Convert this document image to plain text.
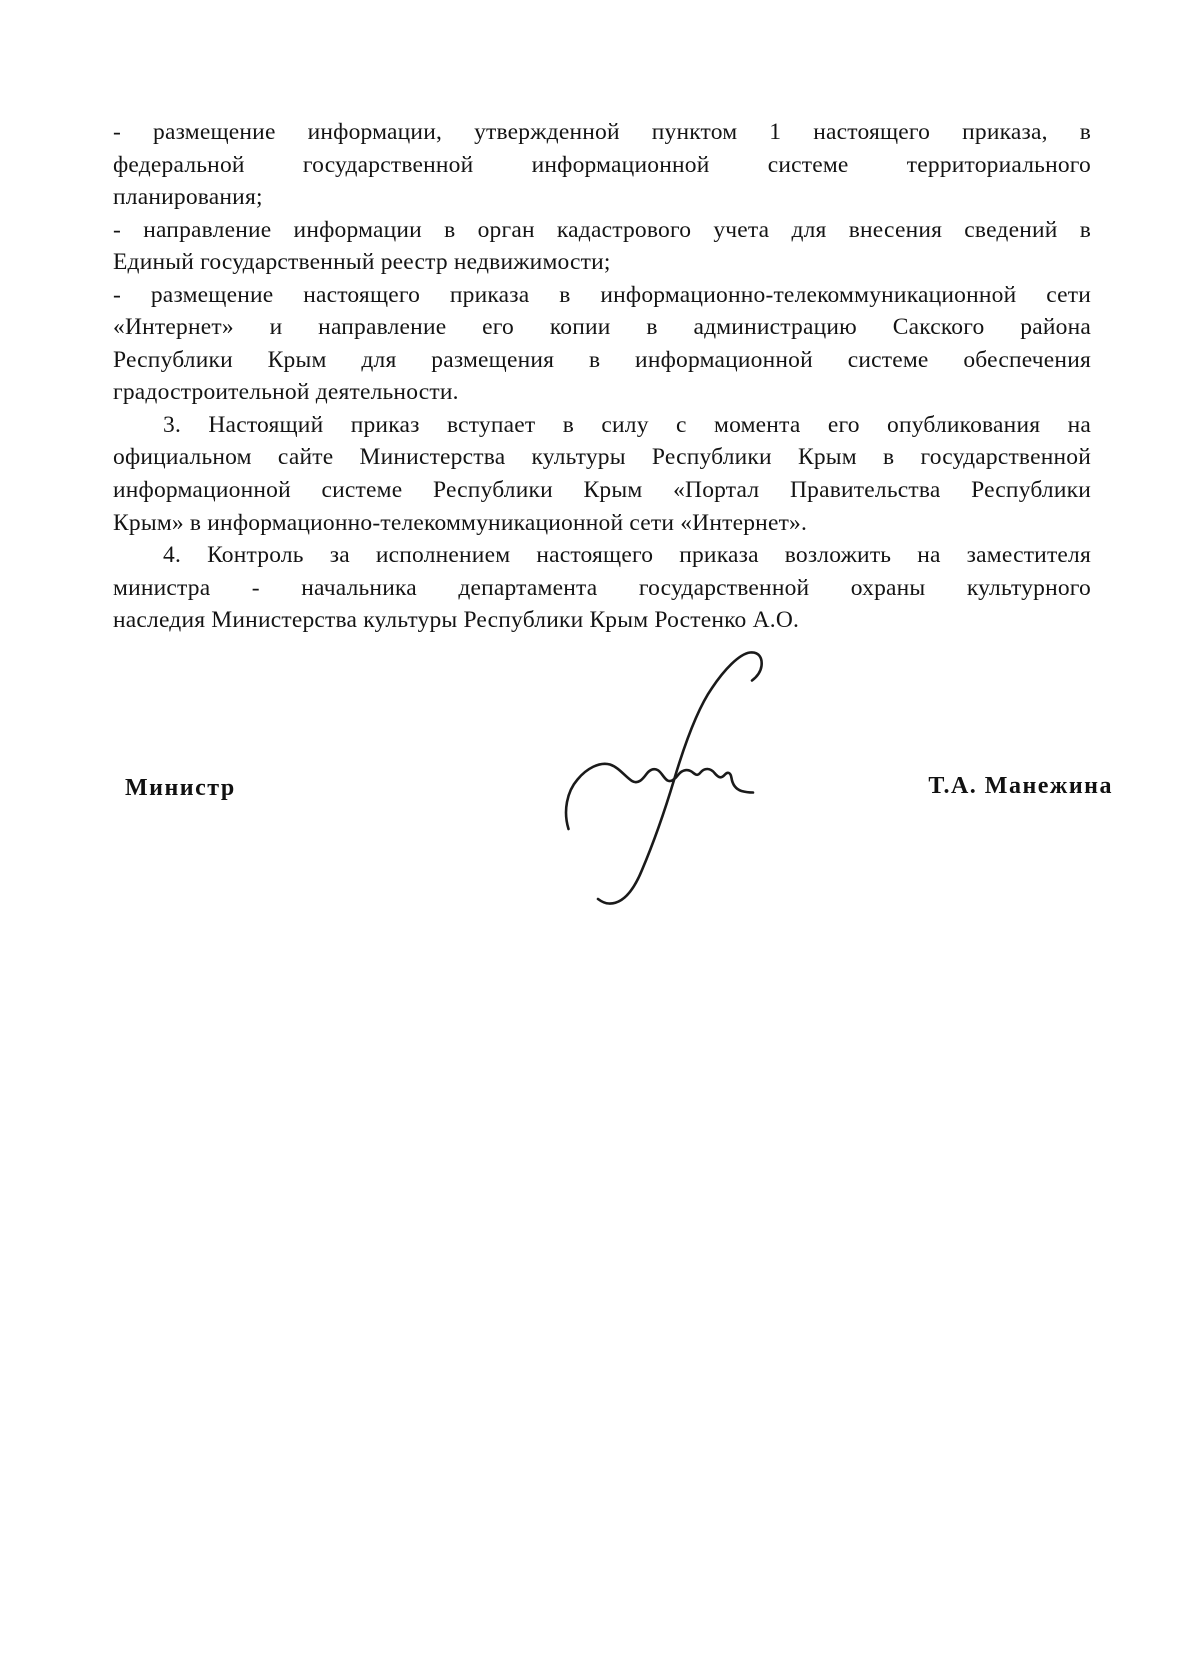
- размещение информации, утвержденной пунктом 1 настоящего приказа, в
федеральной государственной информационной системе территориального
планирования;
- направление информации в орган кадастрового учета для внесения сведений в
Единый государственный реестр недвижимости;
- размещение настоящего приказа в информационно-телекоммуникационной сети
«Интернет» и направление его копии в администрацию Сакского района
Республики Крым для размещения в информационной системе обеспечения
градостроительной деятельности.
3. Настоящий приказ вступает в силу с момента его опубликования на
официальном сайте Министерства культуры Республики Крым в государственной
информационной системе Республики Крым «Портал Правительства Республики
Крым» в информационно-телекоммуникационной сети «Интернет».
4. Контроль за исполнением настоящего приказа возложить на заместителя
министра - начальника департамента государственной охраны культурного
наследия Министерства культуры Республики Крым Ростенко А.О.
Министр	Т.А. Манежина
